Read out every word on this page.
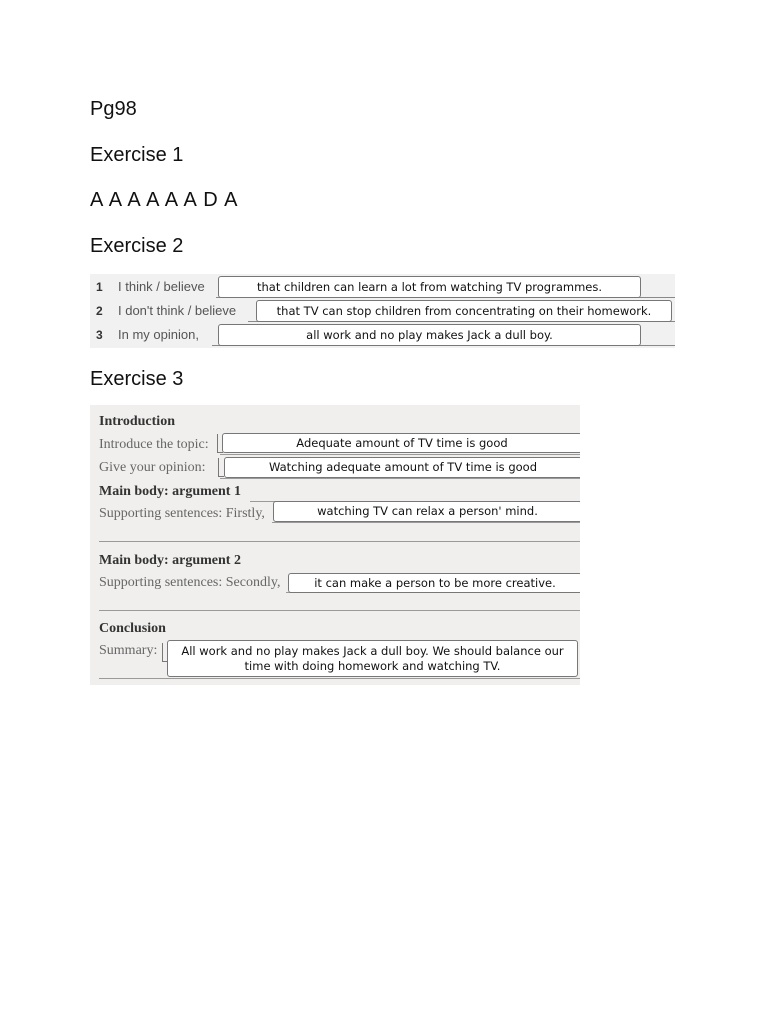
Pg98
Exercise 1
A A A A A A D A
Exercise 2
1 I think / believe	that children can learn a lot from watching TV programmes.
2 I don't think / believe	that TV can stop children from concentrating on their homework.
3 In my opinion,	all work and no play makes Jack a dull boy.
Exercise 3
Introduction
Introduce the topic:	Adequate amount of TV time is good
Give your opinion:	Watching adequate amount of TV time is good
Main body: argument 1
Supporting sentences: Firstly,	watching TV can relax a person' mind.
Main body: argument 2
Supporting sentences: Secondly,	it can make a person to be more creative.
Conclusion
Summary:	All work and no play makes Jack a dull boy. We should balance our
time with doing homework and watching TV.
